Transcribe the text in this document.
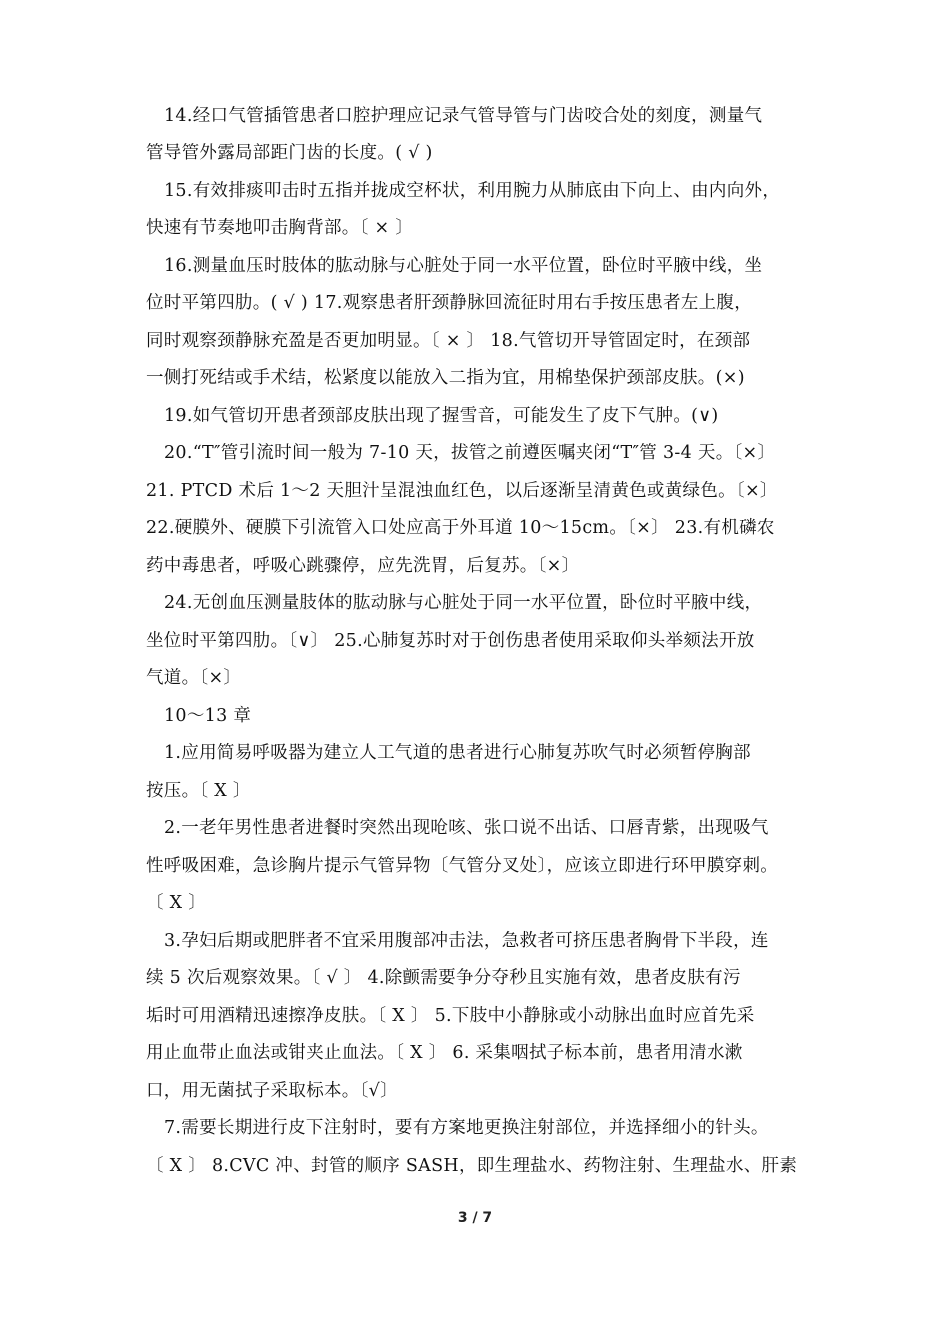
14.经口气管插管患者口腔护理应记录气管导管与门齿咬合处的刻度，测量气
管导管外露局部距门齿的长度。( √ )
15.有效排痰叩击时五指并拢成空杯状，利用腕力从肺底由下向上、由内向外，
快速有节奏地叩击胸背部。〔 × 〕
16.测量血压时肢体的肱动脉与心脏处于同一水平位置，卧位时平腋中线，坐
位时平第四肋。( √ ) 17.观察患者肝颈静脉回流征时用右手按压患者左上腹，
同时观察颈静脉充盈是否更加明显。〔 × 〕 18.气管切开导管固定时，在颈部
一侧打死结或手术结，松紧度以能放入二指为宜，用棉垫保护颈部皮肤。(×)
19.如气管切开患者颈部皮肤出现了握雪音，可能发生了皮下气肿。(∨)
20.“T″管引流时间一般为 7-10 天，拔管之前遵医嘱夹闭“T″管 3-4 天。〔×〕
21. PTCD 术后 1～2 天胆汁呈混浊血红色，以后逐渐呈清黄色或黄绿色。〔×〕
22.硬膜外、硬膜下引流管入口处应高于外耳道 10～15cm。〔×〕 23.有机磷农
药中毒患者，呼吸心跳骤停，应先洗胃，后复苏。〔×〕
24.无创血压测量肢体的肱动脉与心脏处于同一水平位置，卧位时平腋中线，
坐位时平第四肋。〔∨〕 25.心肺复苏时对于创伤患者使用采取仰头举颏法开放
气道。〔×〕
10～13 章
1.应用简易呼吸器为建立人工气道的患者进行心肺复苏吹气时必须暂停胸部
按压。〔 X 〕
2.一老年男性患者进餐时突然出现呛咳、张口说不出话、口唇青紫，出现吸气
性呼吸困难，急诊胸片提示气管异物〔气管分叉处〕，应该立即进行环甲膜穿刺。
〔 X 〕
3.孕妇后期或肥胖者不宜采用腹部冲击法，急救者可挤压患者胸骨下半段，连
续 5 次后观察效果。〔 √ 〕 4.除颤需要争分夺秒且实施有效，患者皮肤有污
垢时可用酒精迅速擦净皮肤。〔 X 〕 5.下肢中小静脉或小动脉出血时应首先采
用止血带止血法或钳夹止血法。〔 X 〕 6. 采集咽拭子标本前，患者用清水漱
口，用无菌拭子采取标本。〔√〕
7.需要长期进行皮下注射时，要有方案地更换注射部位，并选择细小的针头。
〔 X 〕 8.CVC 冲、封管的顺序 SASH，即生理盐水、药物注射、生理盐水、肝素
3 / 7
